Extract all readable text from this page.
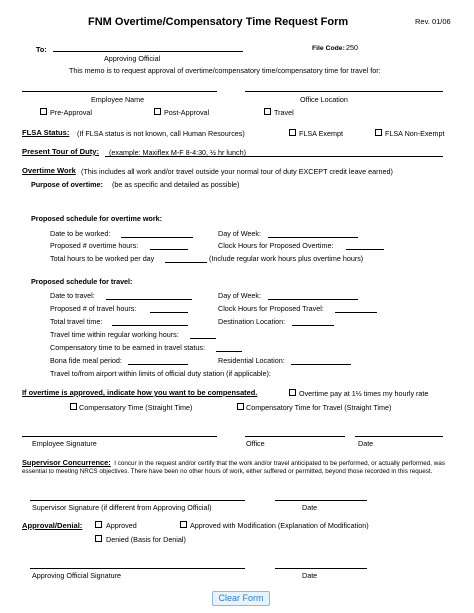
FNM Overtime/Compensatory Time Request Form	Rev. 01/06
To:
Approving Official
File Code: 250
This memo is to request approval of overtime/compensatory time/compensatory time for travel for:
Employee Name	Office Location
Pre-Approval	Post-Approval	Travel
FLSA Status: (If FLSA status is not known, call Human Resources)	FLSA Exempt	FLSA Non-Exempt
Present Tour of Duty: (example: Maxiflex M-F 8-4:30, ½ hr lunch)
Overtime Work (This includes all work and/or travel outside your normal tour of duty EXCEPT credit leave earned)
Purpose of overtime: (be as specific and detailed as possible)
Proposed schedule for overtime work:
Date to be worked:	Day of Week:
Proposed # overtime hours:	Clock Hours for Proposed Overtime:
Total hours to be worked per day	(Include regular work hours plus overtime hours)
Proposed schedule for travel:
Date to travel:	Day of Week:
Proposed # of travel hours:	Clock Hours for Proposed Travel:
Total travel time:	Destination Location:
Travel time within regular working hours:
Compensatory time to be earned in travel status:
Bona fide meal period:	Residential Location:
Travel to/from airport within limits of official duty station (if applicable):
If overtime is approved, indicate how you want to be compensated.	Overtime pay at 1½ times my hourly rate
Compensatory Time (Straight Time)	Compensatory Time for Travel (Straight Time)
Employee Signature	Office	Date
Supervisor Concurrence: I concur in the request and/or certify that the work and/or travel anticipated to be performed, or actually performed, was essential to meeting NRCS objectives. There have been no other hours of work, either suffered or permitted, beyond those recorded in this request.
Supervisor Signature (if different from Approving Official)	Date
Approval/Denial:	Approved	Approved with Modification (Explanation of Modification)
Denied (Basis for Denial)
Approving Official Signature	Date
Clear Form
